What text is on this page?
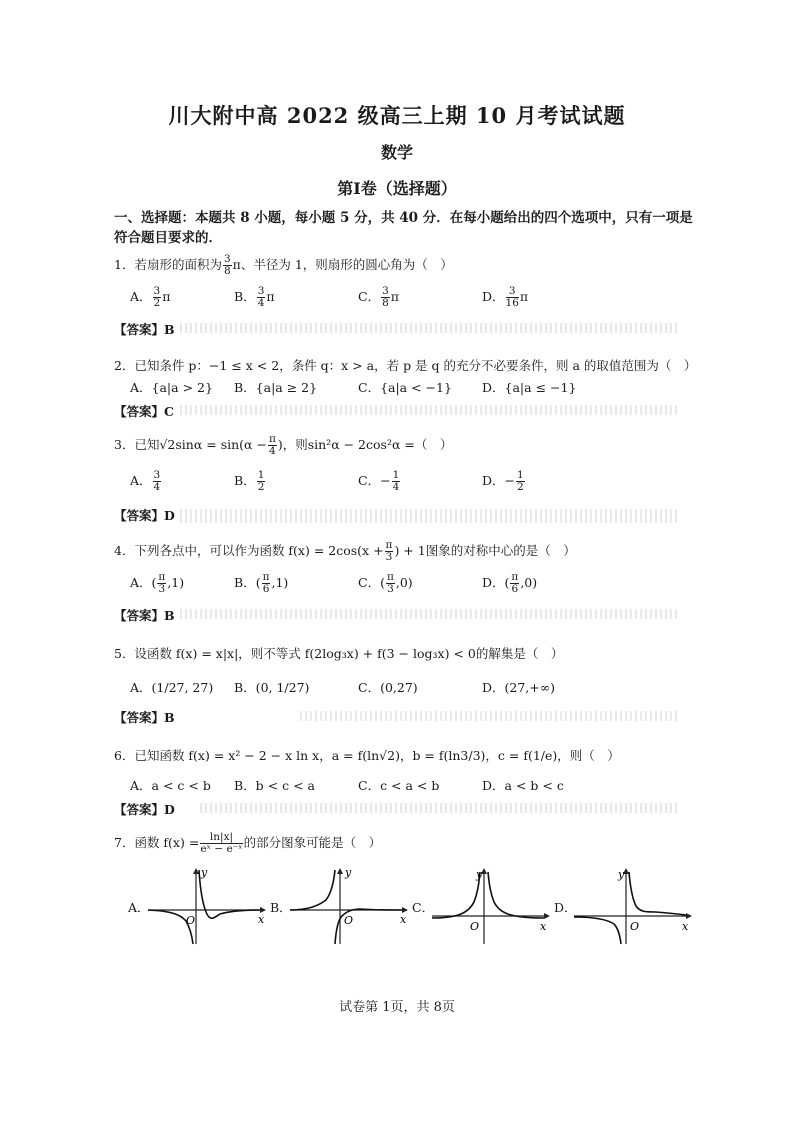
川大附中高 2022 级高三上期 10 月考试试题
数学
第Ⅰ卷（选择题）
一、选择题：本题共 8 小题，每小题 5 分，共 40 分．在每小题给出的四个选项中，只有一项是符合题目要求的．
1．若扇形的面积为 $\frac{3}{8}$ π、半径为 1，则扇形的圆心角为（　）
A． $\frac{3}{2}$ π	B． $\frac{3}{4}$ π	C． $\frac{3}{8}$ π	D． $\frac{3}{16}$ π
【答案】B
2．已知条件 p：−1 ≤ x < 2，条件 q：x > a，若 p 是 q 的充分不必要条件，则 a 的取值范围为（　）
A．{a|a > 2} B．{a|a ≥ 2}	C．{a|a < −1} D．{a|a ≤ −1}
【答案】C
3．已知$√2\sin\alpha = \sin(\alpha - \frac{\pi}{4}$ )，则sin²α − 2cos²α =（　）
A． $\frac{3}{4}$	B． $\frac{1}{2}$	C．− $\frac{1}{4}$	D．− $\frac{1}{2}$
【答案】D
4．下列各点中，可以作为函数 $f(x) = 2\cos(x + \frac{\pi}{3}$ ) + 1图象的对称中心的是（　）
A．( $\frac{\pi}{3} ,1$)	B．( $\frac{\pi}{6} ,1$)	C．( $\frac{\pi}{3} ,0$)	D．( $\frac{\pi}{6} ,0$)
【答案】B
5．设函数 f(x) = x|x|，则不等式 f(2log₃x) + f(3 − log₃x) < 0的解集是（　）
A．(1/27, 27) B．(0, 1/27)	C．(0,27)	D．(27,+∞)
【答案】B
6．已知函数 f(x) = x² − 2 − x ln x，a = f(ln√2)，b = f(ln3/3)，c = f(1/e)，则（　）
A．a < c < b B．b < c < a	C．c < a < b	D．a < b < c
【答案】D
7．函数 $f(x) = \frac{\ln|x|}{\text{eˣ − e⁻ˣ}}$ 的部分图象可能是（　）
A．
y
x
O
B．
y
x
O
C．
y
x
O
D．
y
x
O
试卷第 1页，共 8页
